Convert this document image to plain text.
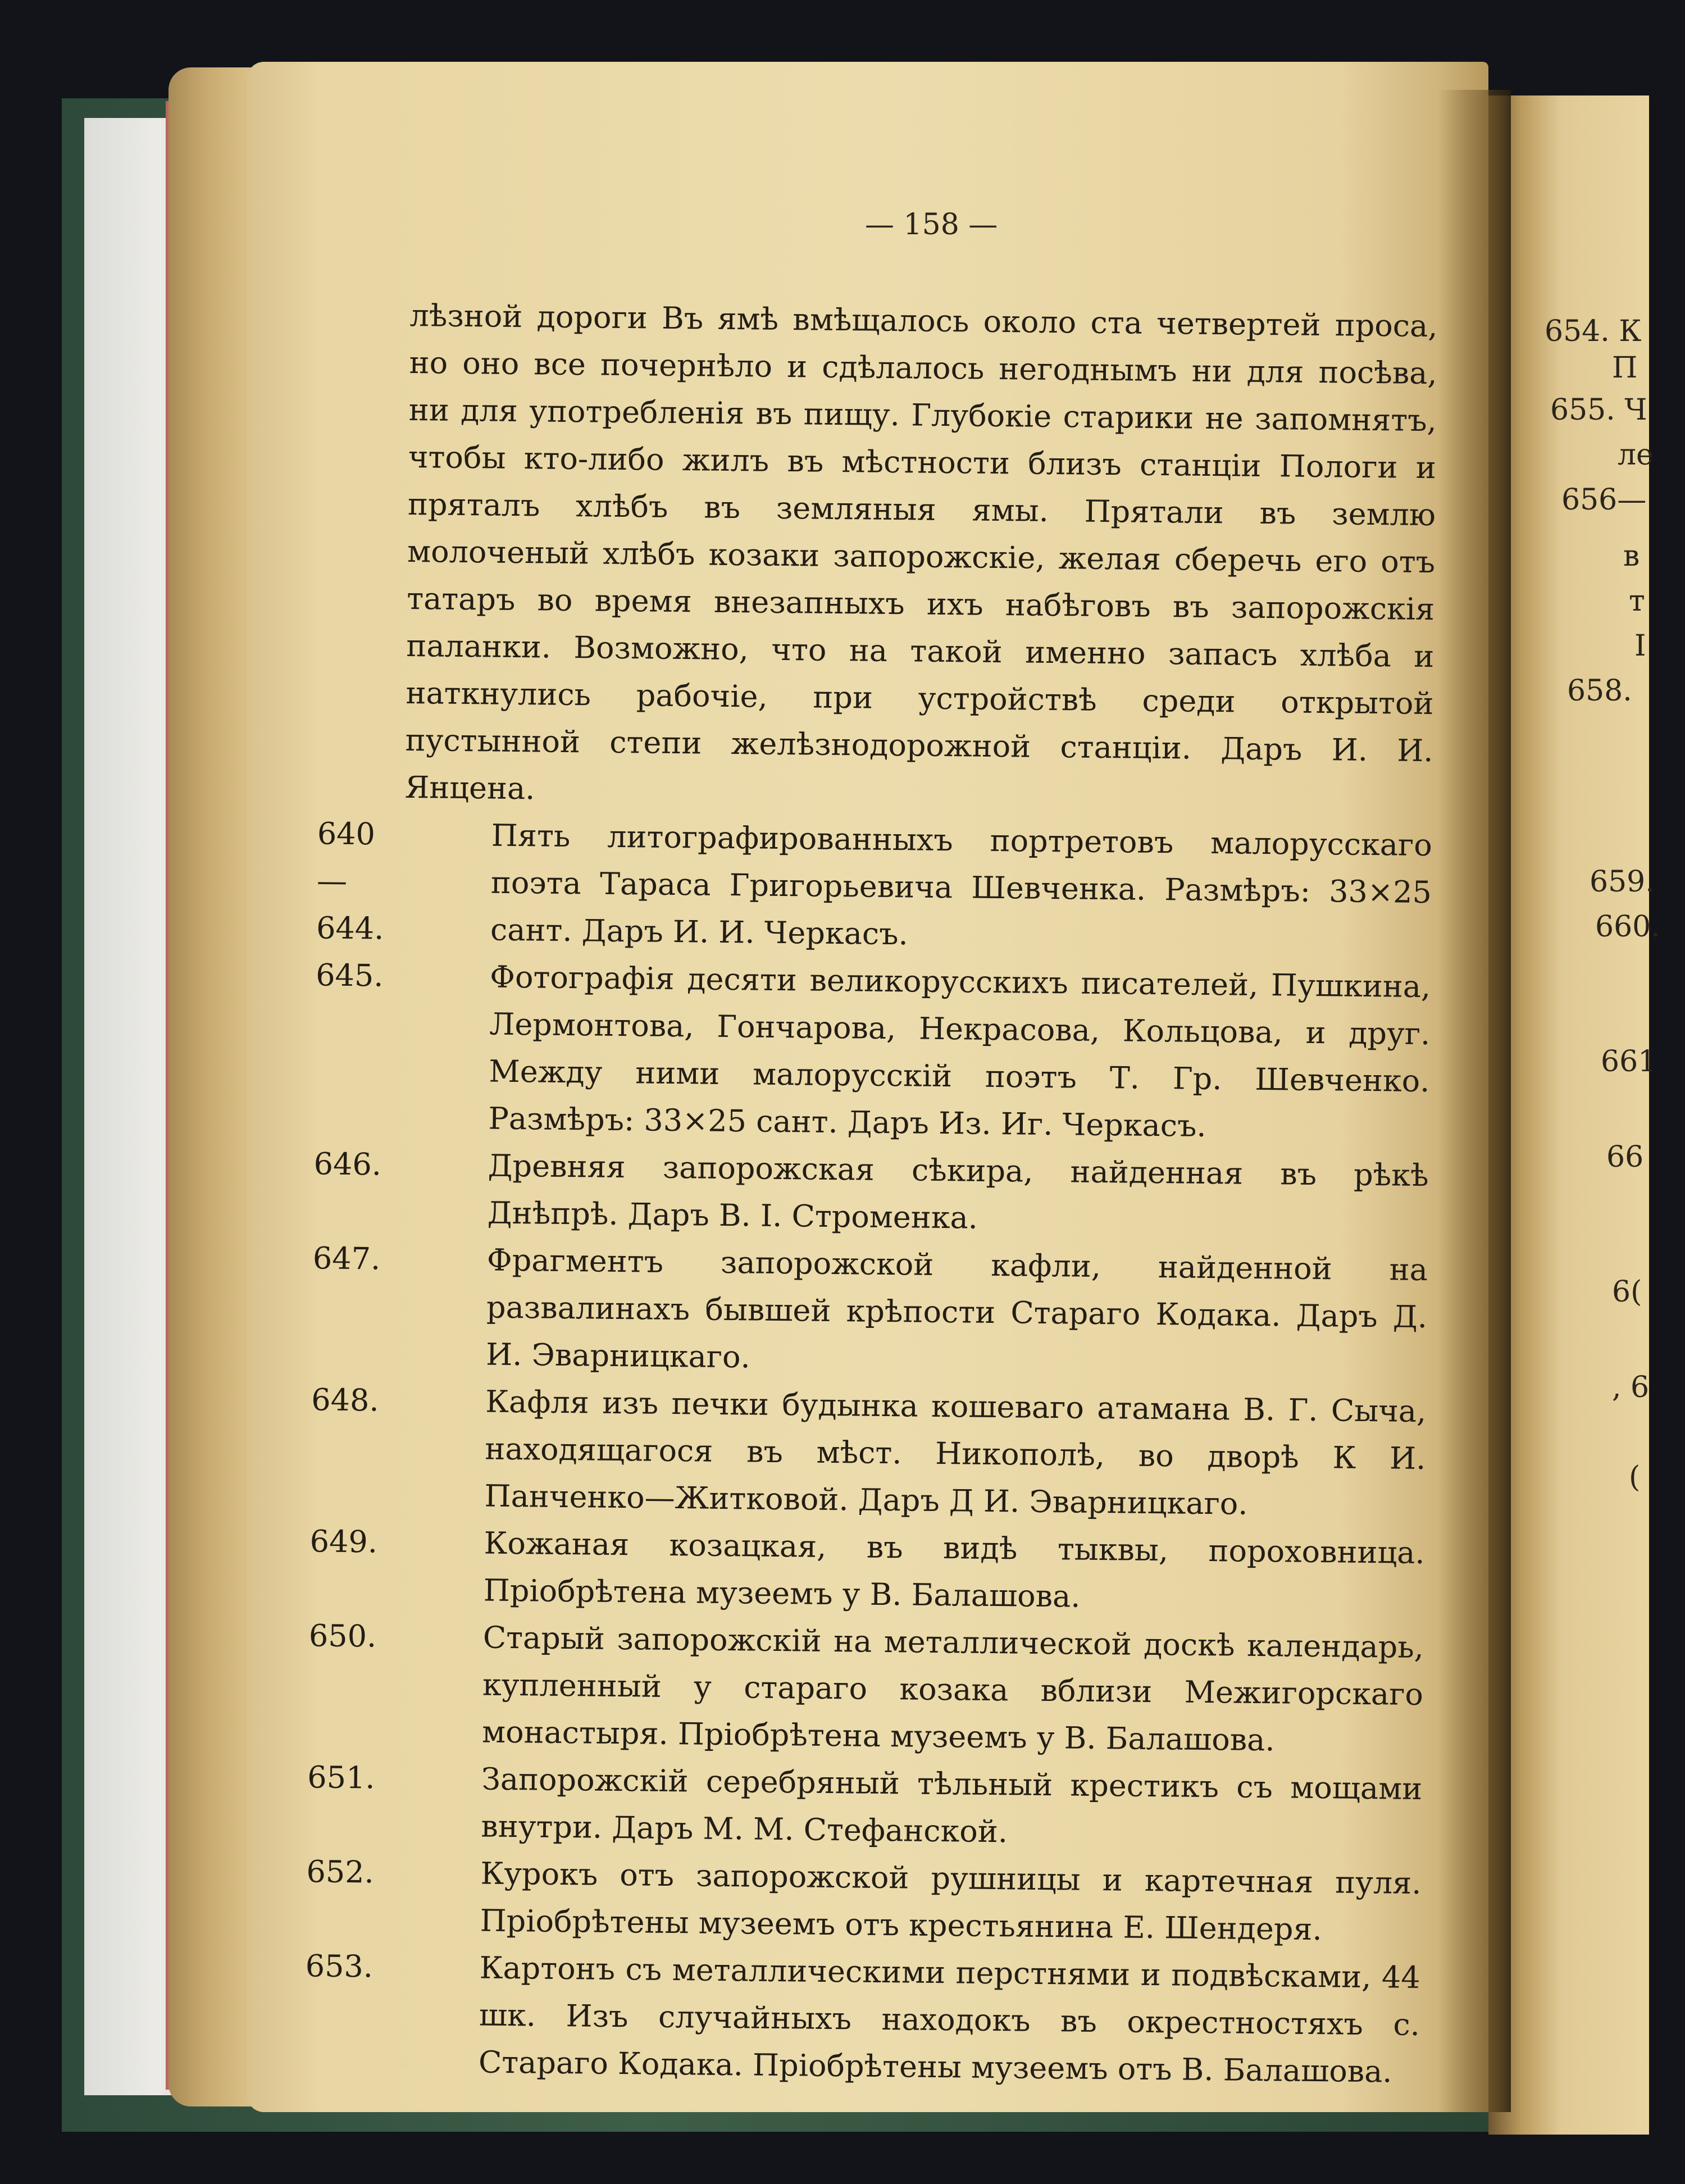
— 158 —
лѣзной дороги Въ ямѣ вмѣщалось около ста четвертей проса, но оно все почернѣло и сдѣлалось негоднымъ ни для посѣва, ни для употребленія въ пищу. Глубокіе старики не запомнятъ, чтобы кто-либо жилъ въ мѣстности близъ станціи Пологи и пряталъ хлѣбъ въ земляныя ямы. Прятали въ землю молоченый хлѣбъ козаки запорожскіе, желая сберечь его отъ татаръ во время внезапныхъ ихъ набѣговъ въ запорожскія паланки. Возможно, что на такой именно запасъ хлѣба и наткнулись рабочіе, при устройствѣ среди открытой пустынной степи желѣзнодорожной станціи. Даръ И. И. Янцена.
640—644.
Пять литографированныхъ портретовъ малорусскаго поэта Тараса Григорьевича Шевченка. Размѣръ: 33×25 сант. Даръ И. И. Черкасъ.
645.	Фотографія десяти великорусскихъ писателей, Пушкина, Лермонтова, Гончарова, Некрасова, Кольцова, и друг. Между ними малорусскій поэтъ Т. Гр. Шевченко. Размѣръ: 33×25 сант. Даръ Из. Иг. Черкасъ.
646.	Древняя запорожская сѣкира, найденная въ рѣкѣ Днѣпрѣ. Даръ В. І. Строменка.
647.	Фрагментъ запорожской кафли, найденной на развалинахъ бывшей крѣпости Стараго Кодака. Даръ Д. И. Эварницкаго.
648.	Кафля изъ печки будынка кошеваго атамана В. Г. Сыча, находящагося въ мѣст. Никополѣ, во дворѣ К И. Панченко—Житковой. Даръ Д И. Эварницкаго.
649.	Кожаная козацкая, въ видѣ тыквы, пороховница. Пріобрѣтена музеемъ у В. Балашова.
650.	Старый запорожскій на металлической доскѣ календарь, купленный у стараго козака вблизи Межигорскаго монастыря. Пріобрѣтена музеемъ у В. Балашова.
651.	Запорожскій серебряный тѣльный крестикъ съ мощами внутри. Даръ М. М. Стефанской.
652.	Курокъ отъ запорожской рушницы и картечная пуля. Пріобрѣтены музеемъ отъ крестьянина Е. Шендеря.
653.	Картонъ съ металлическими перстнями и подвѣсками, 44 шк. Изъ случайныхъ находокъ въ окрестностяхъ с. Стараго Кодака. Пріобрѣтены музеемъ отъ В. Балашова.
654. К
П
655. Ч
ле
656—
в
т
І
658.
659.
660.
661
66
6(
, 6
(
